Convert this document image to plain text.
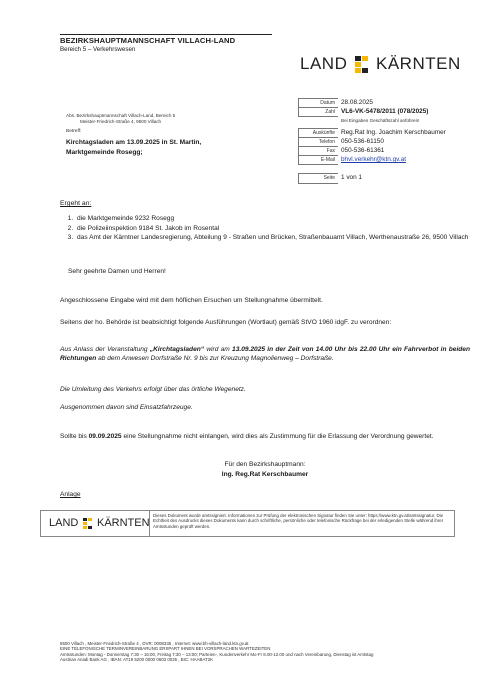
BEZIRKSHAUPTMANNSCHAFT VILLACH-LAND
Bereich 5 – Verkehrswesen
LAND KÄRNTEN
Abs. Bezirkshauptmannschaft Villach-Land, Bereich 5
Meister-Friedrich-Straße 4, 9500 Villach
Betreff:
Kirchtagsladen am 13.09.2025 in St. Martin,
Marktgemeinde Rosegg;
Datum	28.08.2025
Zahl	VL6-VK-5478/2011 (078/2025)
	Bei Eingaben Geschäftszahl anführen!
Auskünfte	Reg.Rat Ing. Joachim Kerschbaumer
Telefon	050-536-61150
Fax	050-536-61361
E-Mail	bhvl.verkehr@ktn.gv.at
Seite	1 von 1
Ergeht an:
1. die Marktgemeinde 9232 Rosegg
2. die Polizeiinspektion 9184 St. Jakob im Rosental
3. das Amt der Kärntner Landesregierung, Abteilung 9 - Straßen und Brücken, Straßenbauamt Villach, Werthenaustraße 26, 9500 Villach
Sehr geehrte Damen und Herren!
Angeschlossene Eingabe wird mit dem höflichen Ersuchen um Stellungnahme übermittelt.
Seitens der ho. Behörde ist beabsichtigt folgende Ausführungen (Wortlaut) gemäß StVO 1960 idgF. zu verordnen:
Aus Anlass der Veranstaltung „Kirchtagsladen“ wird am 13.09.2025 in der Zeit von 14.00 Uhr bis 22.00 Uhr ein Fahrverbot in beiden Richtungen ab dem Anwesen Dorfstraße Nr. 9 bis zur Kreuzung Magnolienweg – Dorfstraße.
Die Umleitung des Verkehrs erfolgt über das örtliche Wegenetz.
Ausgenommen davon sind Einsatzfahrzeuge.
Sollte bis 09.09.2025 eine Stellungnahme nicht einlangen, wird dies als Zustimmung für die Erlassung der Verordnung gewertet.
Für den Bezirkshauptmann:
Ing. Reg.Rat Kerschbaumer
Anlage
LAND KÄRNTEN
Dieses Dokument wurde amtssigniert. Informationen zur Prüfung der elektronischen Signatur finden Sie unter: https://www.ktn.gv.at/amtssignatur. Die Echtheit des Ausdrucks dieses Dokuments kann durch schriftliche, persönliche oder telefonische Rückfrage bei der erledigenden Stelle während ihrer Amtsstunden geprüft werden.
9500 Villach , Meister-Friedrich-Straße 4 , DVR: 0008335 , Internet: www.bh-villach-land.ktn.gv.at
EINE TELEFONISCHE TERMINVEREINBARUNG ERSPART IHNEN BEI VORSPRACHEN WARTEZEITEN
Amtsstunden: Montag - Donnerstag 7:30 – 16:00, Freitag 7:30 – 13:00; Parteien-, Kundenverkehr Mo-Fr 8.00-12.00 und nach Vereinbarung, Dienstag ist Amtstag
Austrian Anadi Bank AG , IBAN: AT19 5200 0000 0603 0026 , BIC: HAABAT2K
